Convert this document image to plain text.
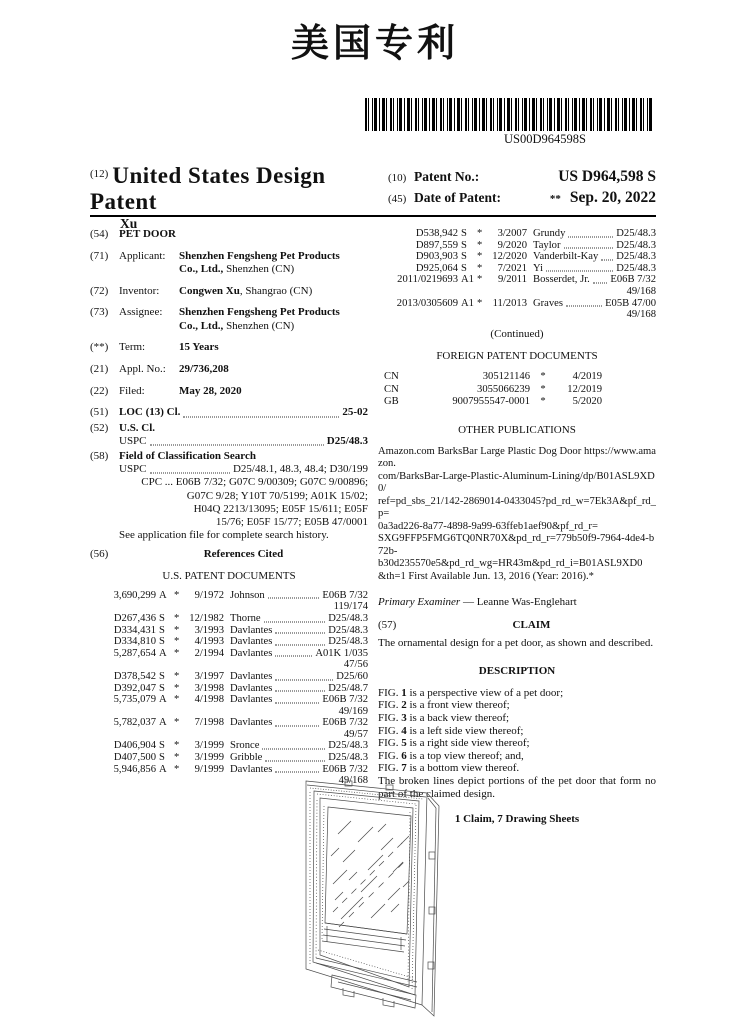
美国专利
US00D964598S
$^{(12)}$ United States Design Patent
Xu
(10) Patent No.:	US D964,598 S
(45) Date of Patent:	** Sep. 20, 2022
(54) PET DOOR
(71) Applicant:	Shenzhen Fengsheng Pet Products
Co., Ltd., Shenzhen (CN)
(72) Inventor:	Congwen Xu, Shangrao (CN)
(73) Assignee:	Shenzhen Fengsheng Pet Products
Co., Ltd., Shenzhen (CN)
(**) Term:	15 Years
(21) Appl. No.:	29/736,208
(22) Filed:	May 28, 2020
(51) LOC (13) Cl.	25-02
(52) U.S. Cl.
USPC	D25/48.3
(58) Field of Classification Search
USPC	D25/48.1, 48.3, 48.4; D30/199
CPC ... E06B 7/32; G07C 9/00309; G07C 9/00896;
G07C 9/28; Y10T 70/5199; A01K 15/02;
H04Q 2213/13095; E05F 15/611; E05F
15/76; E05F 15/77; E05B 47/0001
See application file for complete search history.
(56)	References Cited
U.S. PATENT DOCUMENTS
3,690,299 A *	9/1972 Johnson	E06B 7/32
119/174
D267,436 S * 12/1982 Thorne	D25/48.3
D334,431 S *	3/1993 Davlantes	D25/48.3
D334,810 S *	4/1993 Davlantes	D25/48.3
5,287,654 A *	2/1994 Davlantes	A01K 1/035
47/56
D378,542 S *	3/1997 Davlantes	D25/60
D392,047 S *	3/1998 Davlantes	D25/48.7
5,735,079 A *	4/1998 Davlantes	E06B 7/32
49/169
5,782,037 A *	7/1998 Davlantes	E06B 7/32
49/57
D406,904 S *	3/1999 Sronce	D25/48.3
D407,500 S *	3/1999 Gribble	D25/48.3
5,946,856 A *	9/1999 Davlantes	E06B 7/32
49/168
D538,942 S *	3/2007 Grundy	D25/48.3
D897,559 S *	9/2020 Taylor	D25/48.3
D903,903 S * 12/2020 Vanderbilt-Kay D25/48.3
D925,064 S *	7/2021 Yi	D25/48.3
2011/0219693 A1 *	9/2011 Bosserdet, Jr. E06B 7/32
49/168
2013/0305609 A1 * 11/2013 Graves	E05B 47/00
49/168
(Continued)
FOREIGN PATENT DOCUMENTS
CN	305121146 *	4/2019
CN	3055066239 *	12/2019
GB	9007955547-0001 *	5/2020
OTHER PUBLICATIONS
Amazon.com BarksBar Large Plastic Dog Door https://www.amazon.
com/BarksBar-Large-Plastic-Aluminum-Lining/dp/B01ASL9XD0/
ref=pd_sbs_21/142-2869014-0433045?pd_rd_w=7Ek3A&pf_rd_p=
0a3ad226-8a77-4898-9a99-63ffeb1aef90&pf_rd_r=
SXG9FFP5FMG6TQ0NR70X&pd_rd_r=779b50f9-7964-4de4-b72b-
b30d235570e5&pd_rd_wg=HR43m&pd_rd_i=B01ASL9XD0
&th=1 First Available Jun. 13, 2016 (Year: 2016).*
Primary Examiner — Leanne Was-Englehart
(57)	CLAIM

The ornamental design for a pet door, as shown and described.

DESCRIPTION
FIG. 1 is a perspective view of a pet door;
FIG. 2 is a front view thereof;
FIG. 3 is a back view thereof;
FIG. 4 is a left side view thereof;
FIG. 5 is a right side view thereof;
FIG. 6 is a top view thereof; and,
FIG. 7 is a bottom view thereof.
The broken lines depict portions of the pet door that form no part of the claimed design.
1 Claim, 7 Drawing Sheets
